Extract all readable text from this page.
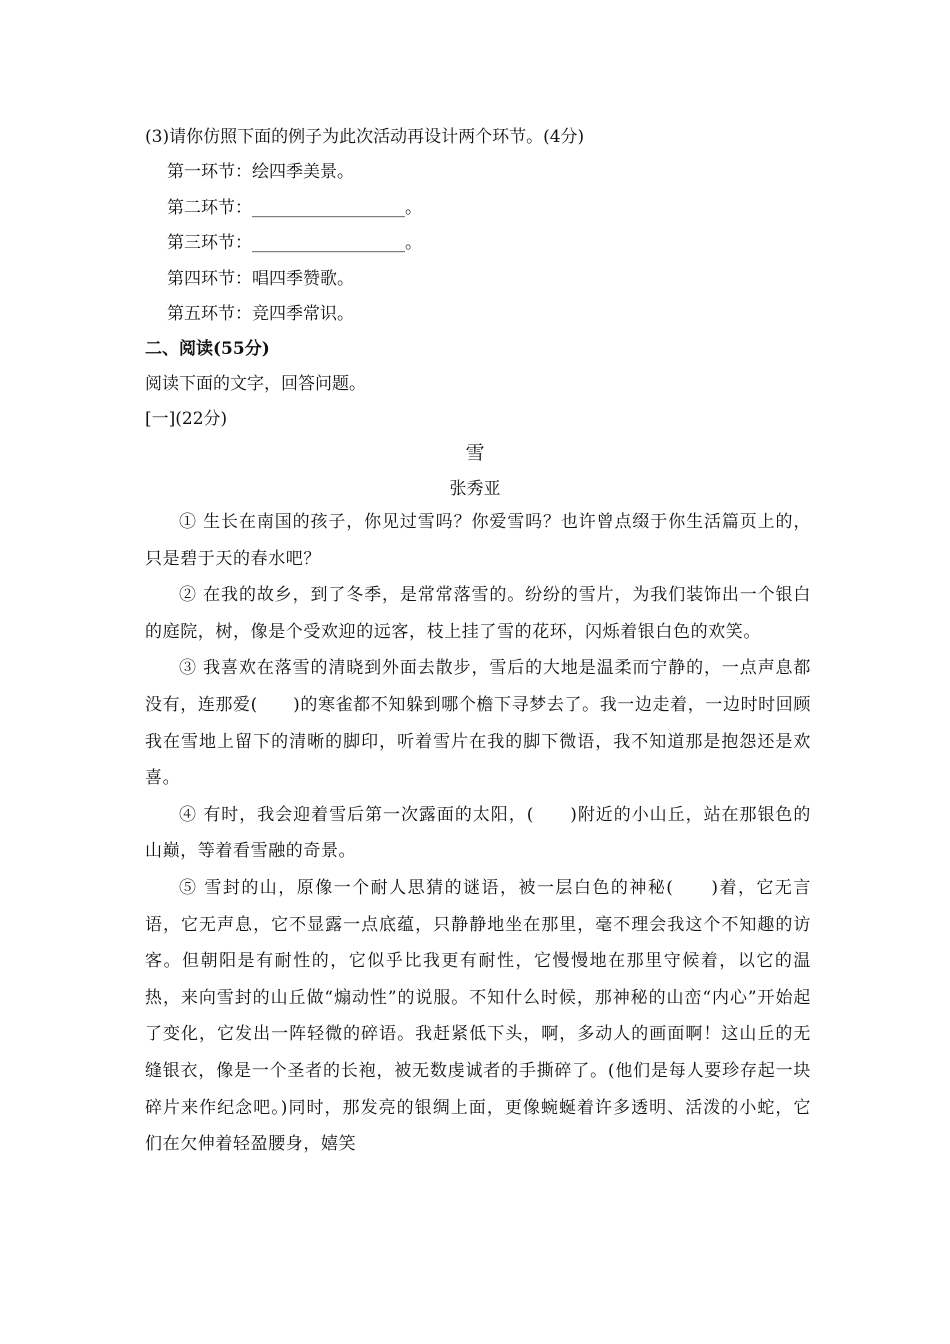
(3)请你仿照下面的例子为此次活动再设计两个环节。(4分)
第一环节：绘四季美景。
第二环节：__________________。
第三环节：__________________。
第四环节：唱四季赞歌。
第五环节：竞四季常识。
二、阅读(55分)
阅读下面的文字，回答问题。
[一](22分)
雪
张秀亚

① 生长在南国的孩子，你见过雪吗？你爱雪吗？也许曾点缀于你生活篇页上的，只是碧于天的春水吧？

② 在我的故乡，到了冬季，是常常落雪的。纷纷的雪片，为我们装饰出一个银白的庭院，树，像是个受欢迎的远客，枝上挂了雪的花环，闪烁着银白色的欢笑。

③ 我喜欢在落雪的清晓到外面去散步，雪后的大地是温柔而宁静的，一点声息都没有，连那爱(　　)的寒雀都不知躲到哪个檐下寻梦去了。我一边走着，一边时时回顾我在雪地上留下的清晰的脚印，听着雪片在我的脚下微语，我不知道那是抱怨还是欢喜。

④ 有时，我会迎着雪后第一次露面的太阳，(　　)附近的小山丘，站在那银色的山巅，等着看雪融的奇景。

⑤ 雪封的山，原像一个耐人思猜的谜语，被一层白色的神秘(　　)着，它无言语，它无声息，它不显露一点底蕴，只静静地坐在那里，毫不理会我这个不知趣的访客。但朝阳是有耐性的，它似乎比我更有耐性，它慢慢地在那里守候着，以它的温热，来向雪封的山丘做“煽动性”的说服。不知什么时候，那神秘的山峦“内心”开始起了变化，它发出一阵轻微的碎语。我赶紧低下头，啊，多动人的画面啊！这山丘的无缝银衣，像是一个圣者的长袍，被无数虔诚者的手撕碎了。(他们是每人要珍存起一块碎片来作纪念吧。)同时，那发亮的银绸上面，更像蜿蜒着许多透明、活泼的小蛇，它们在欠伸着轻盈腰身，嬉笑
